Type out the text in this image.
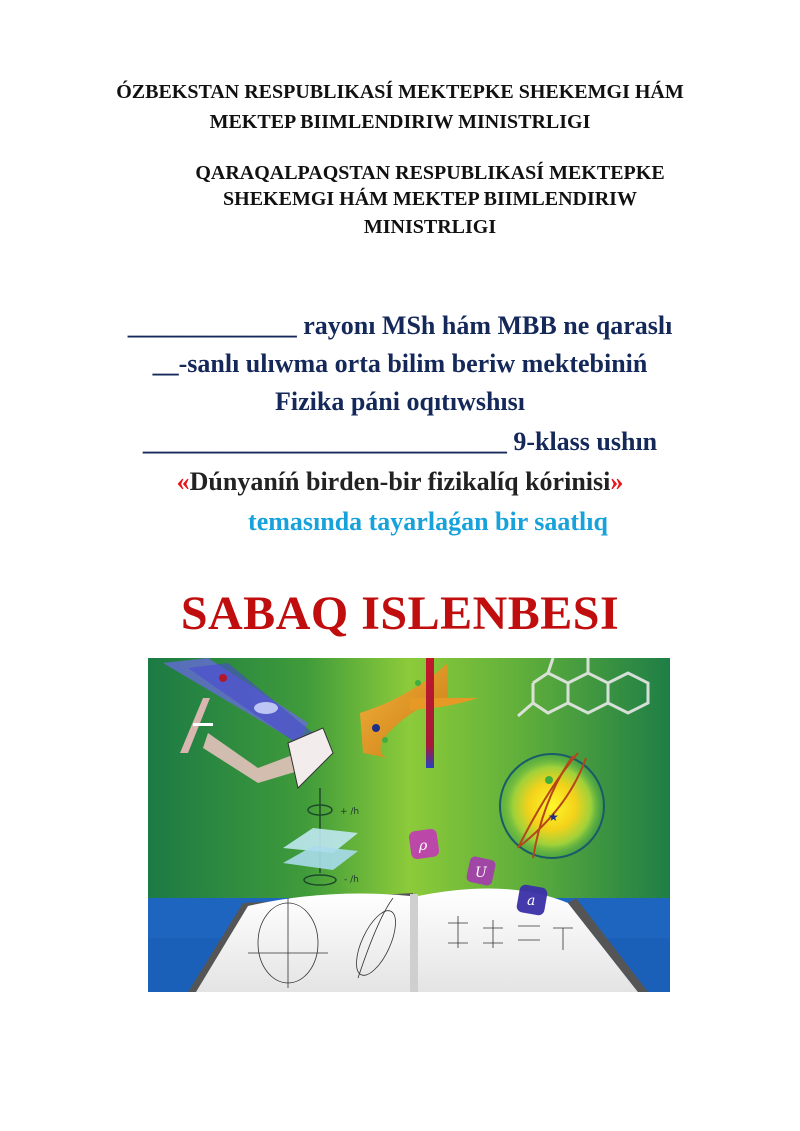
ÓZBEKSTAN RESPUBLIKASÍ MEKTEPKE SHEKEMGI HÁM
MEKTEP BIIMLENDIRIW MINISTRLIGI
QARAQALPAQSTAN RESPUBLIKASÍ MEKTEPKE
SHEKEMGI HÁM MEKTEP BIIMLENDIRIW
MINISTRLIGI
_____________ rayonı MSh hám MBB ne qaraslı
__-sanlı ulıwma orta bilim beriw mektebiniń
Fizika páni oqıtıwshısı
____________________________ 9-klass ushın
«Dúnyaníń birden-bir fizikalíq kórinisi»
temasında tayarlaǵan bir saatlıq
SABAQ ISLENBESI
★
+ /h
- /h
ρ
U
a
